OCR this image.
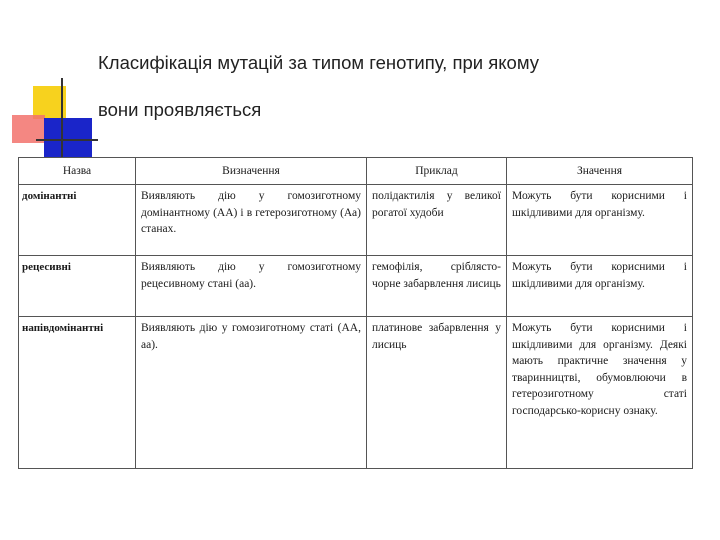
Класифікація мутацій за типом генотипу, при якому
вони проявляється
Назва	Визначення	Приклад	Значення
домінантні	Виявляють дію у гомозиготному домінантному (АА) і в гетерозиготному (Аа) станах.	полідактилія у великої рогатої худоби	Можуть бути корисними і шкідливими для організму.
рецесивні	Виявляють дію у гомозиготному рецесивному стані (аа).	гемофілія, сріблясто-чорне забарвлення лисиць	Можуть бути корисними і шкідливими для організму.
напівдомінантні	Виявляють дію у гомозиготному статі (АА, аа).	платинове забарвлення у лисиць	Можуть бути корисними і шкідливими для організму. Деякі мають практичне значення у тваринництві, обумовлюючи в гетерозиготному статі господарсько-корисну ознаку.
